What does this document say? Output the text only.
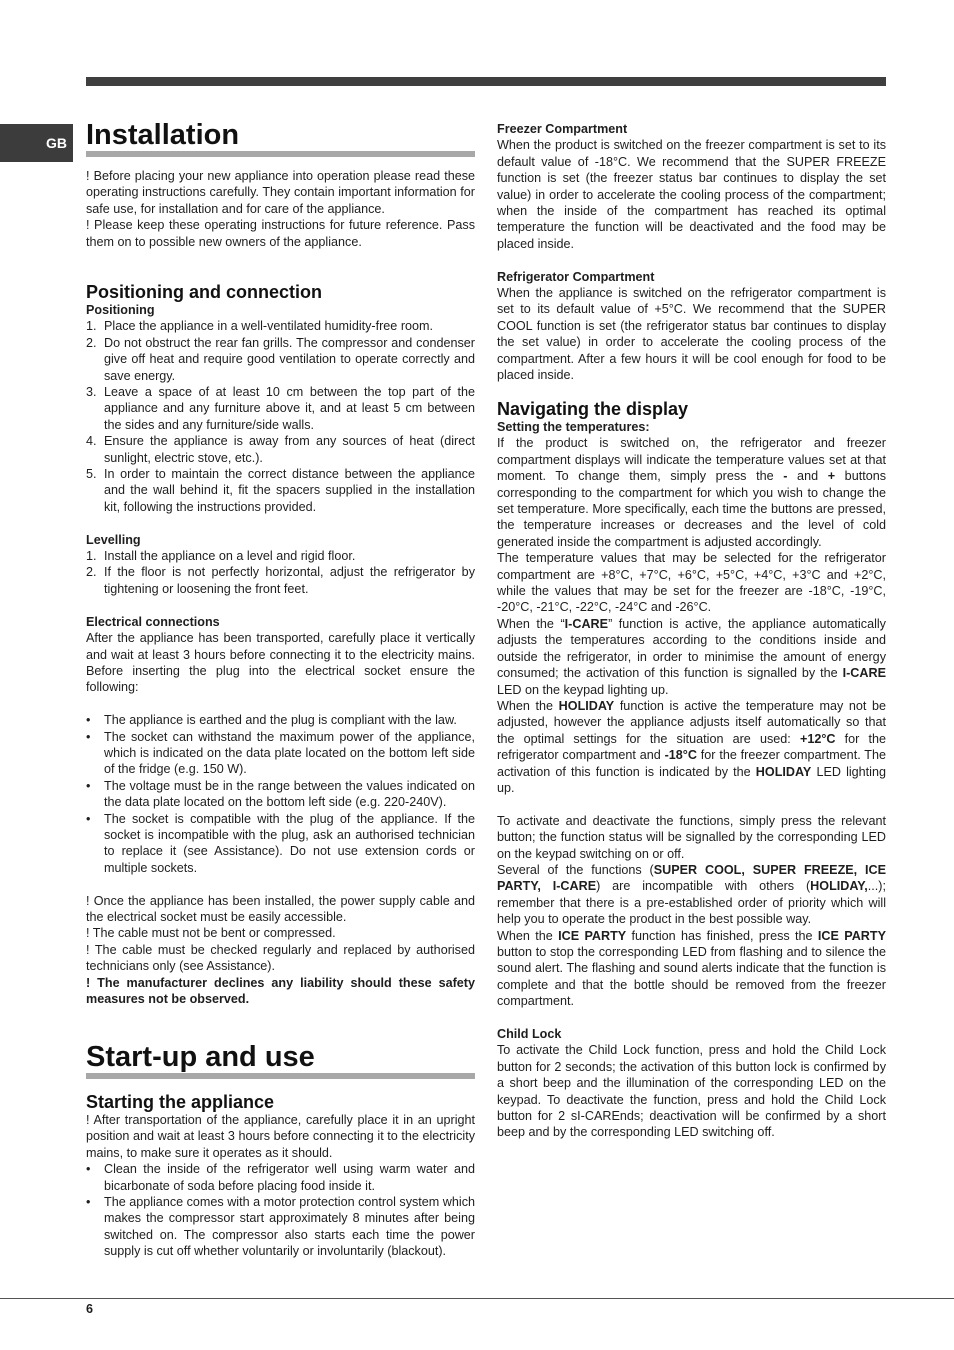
GB Installation

! Before placing your new appliance into operation please read these operating instructions carefully. They contain important information for safe use, for installation and for care of the appliance.

! Please keep these operating instructions for future reference. Pass them on to possible new owners of the appliance.

Positioning and connection
Positioning
1. Place the appliance in a well-ventilated humidity-free room.
2. Do not obstruct the rear fan grills. The compressor and condenser give off heat and require good ventilation to operate correctly and save energy.
3. Leave a space of at least 10 cm between the top part of the appliance and any furniture above it, and at least 5 cm between the sides and any furniture/side walls.
4. Ensure the appliance is away from any sources of heat (direct sunlight, electric stove, etc.).
5. In order to maintain the correct distance between the appliance and the wall behind it, fit the spacers supplied in the installation kit, following the instructions provided.
Levelling
1. Install the appliance on a level and rigid floor.
2. If the floor is not perfectly horizontal, adjust the refrigerator by tightening or loosening the front feet.
Electrical connections

After the appliance has been transported, carefully place it vertically and wait at least 3 hours before connecting it to the electricity mains. Before inserting the plug into the electrical socket ensure the following:

• The appliance is earthed and the plug is compliant with the law.
• The socket can withstand the maximum power of the appliance, which is indicated on the data plate located on the bottom left side of the fridge (e.g. 150 W).
• The voltage must be in the range between the values indicated on the data plate located on the bottom left side (e.g. 220-240V).
• The socket is compatible with the plug of the appliance. If the socket is incompatible with the plug, ask an authorised technician to replace it (see Assistance). Do not use extension cords or multiple sockets.

! Once the appliance has been installed, the power supply cable and the electrical socket must be easily accessible.

! The cable must not be bent or compressed.

! The cable must be checked regularly and replaced by authorised technicians only (see Assistance).

! The manufacturer declines any liability should these safety measures not be observed.

Start-up and use
Starting the appliance

! After transportation of the appliance, carefully place it in an upright position and wait at least 3 hours before connecting it to the electricity mains, to make sure it operates as it should.

• Clean the inside of the refrigerator well using warm water and bicarbonate of soda before placing food inside it.
• The appliance comes with a motor protection control system which makes the compressor start approximately 8 minutes after being switched on. The compressor also starts each time the power supply is cut off whether voluntarily or involuntarily (blackout).
Freezer Compartment

When the product is switched on the freezer compartment is set to its default value of -18°C. We recommend that the SUPER FREEZE function is set (the freezer status bar continues to display the set value) in order to accelerate the cooling process of the compartment; when the inside of the compartment has reached its optimal temperature the function will be deactivated and the food may be placed inside.

Refrigerator Compartment

When the appliance is switched on the refrigerator compartment is set to its default value of +5°C. We recommend that the SUPER COOL function is set (the refrigerator status bar continues to display the set value) in order to accelerate the cooling process of the compartment. After a few hours it will be cool enough for food to be placed inside.

Navigating the display
Setting the temperatures:

If the product is switched on, the refrigerator and freezer compartment displays will indicate the temperature values set at that moment. To change them, simply press the - and + buttons corresponding to the compartment for which you wish to change the set temperature. More specifically, each time the buttons are pressed, the temperature increases or decreases and the level of cold generated inside the compartment is adjusted accordingly.

The temperature values that may be selected for the refrigerator compartment are +8°C, +7°C, +6°C, +5°C, +4°C, +3°C and +2°C, while the values that may be set for the freezer are -18°C, -19°C, -20°C, -21°C, -22°C, -24°C and -26°C.

When the “I-CARE” function is active, the appliance automatically adjusts the temperatures according to the conditions inside and outside the refrigerator, in order to minimise the amount of energy consumed; the activation of this function is signalled by the I-CARE LED on the keypad lighting up.

When the HOLIDAY function is active the temperature may not be adjusted, however the appliance adjusts itself automatically so that the optimal settings for the situation are used: +12°C for the refrigerator compartment and -18°C for the freezer compartment. The activation of this function is indicated by the HOLIDAY LED lighting up.

To activate and deactivate the functions, simply press the relevant button; the function status will be signalled by the corresponding LED on the keypad switching on or off.

Several of the functions (SUPER COOL, SUPER FREEZE, ICE PARTY, I-CARE) are incompatible with others (HOLIDAY,...); remember that there is a pre-established order of priority which will help you to operate the product in the best possible way.

When the ICE PARTY function has finished, press the ICE PARTY button to stop the corresponding LED from flashing and to silence the sound alert. The flashing and sound alerts indicate that the function is complete and that the bottle should be removed from the freezer compartment.

Child Lock

To activate the Child Lock function, press and hold the Child Lock button for 2 seconds; the activation of this button lock is confirmed by a short beep and the illumination of the corresponding LED on the keypad. To deactivate the function, press and hold the Child Lock button for 2 sI-CAREnds; deactivation will be confirmed by a short beep and by the corresponding LED switching off.

6
